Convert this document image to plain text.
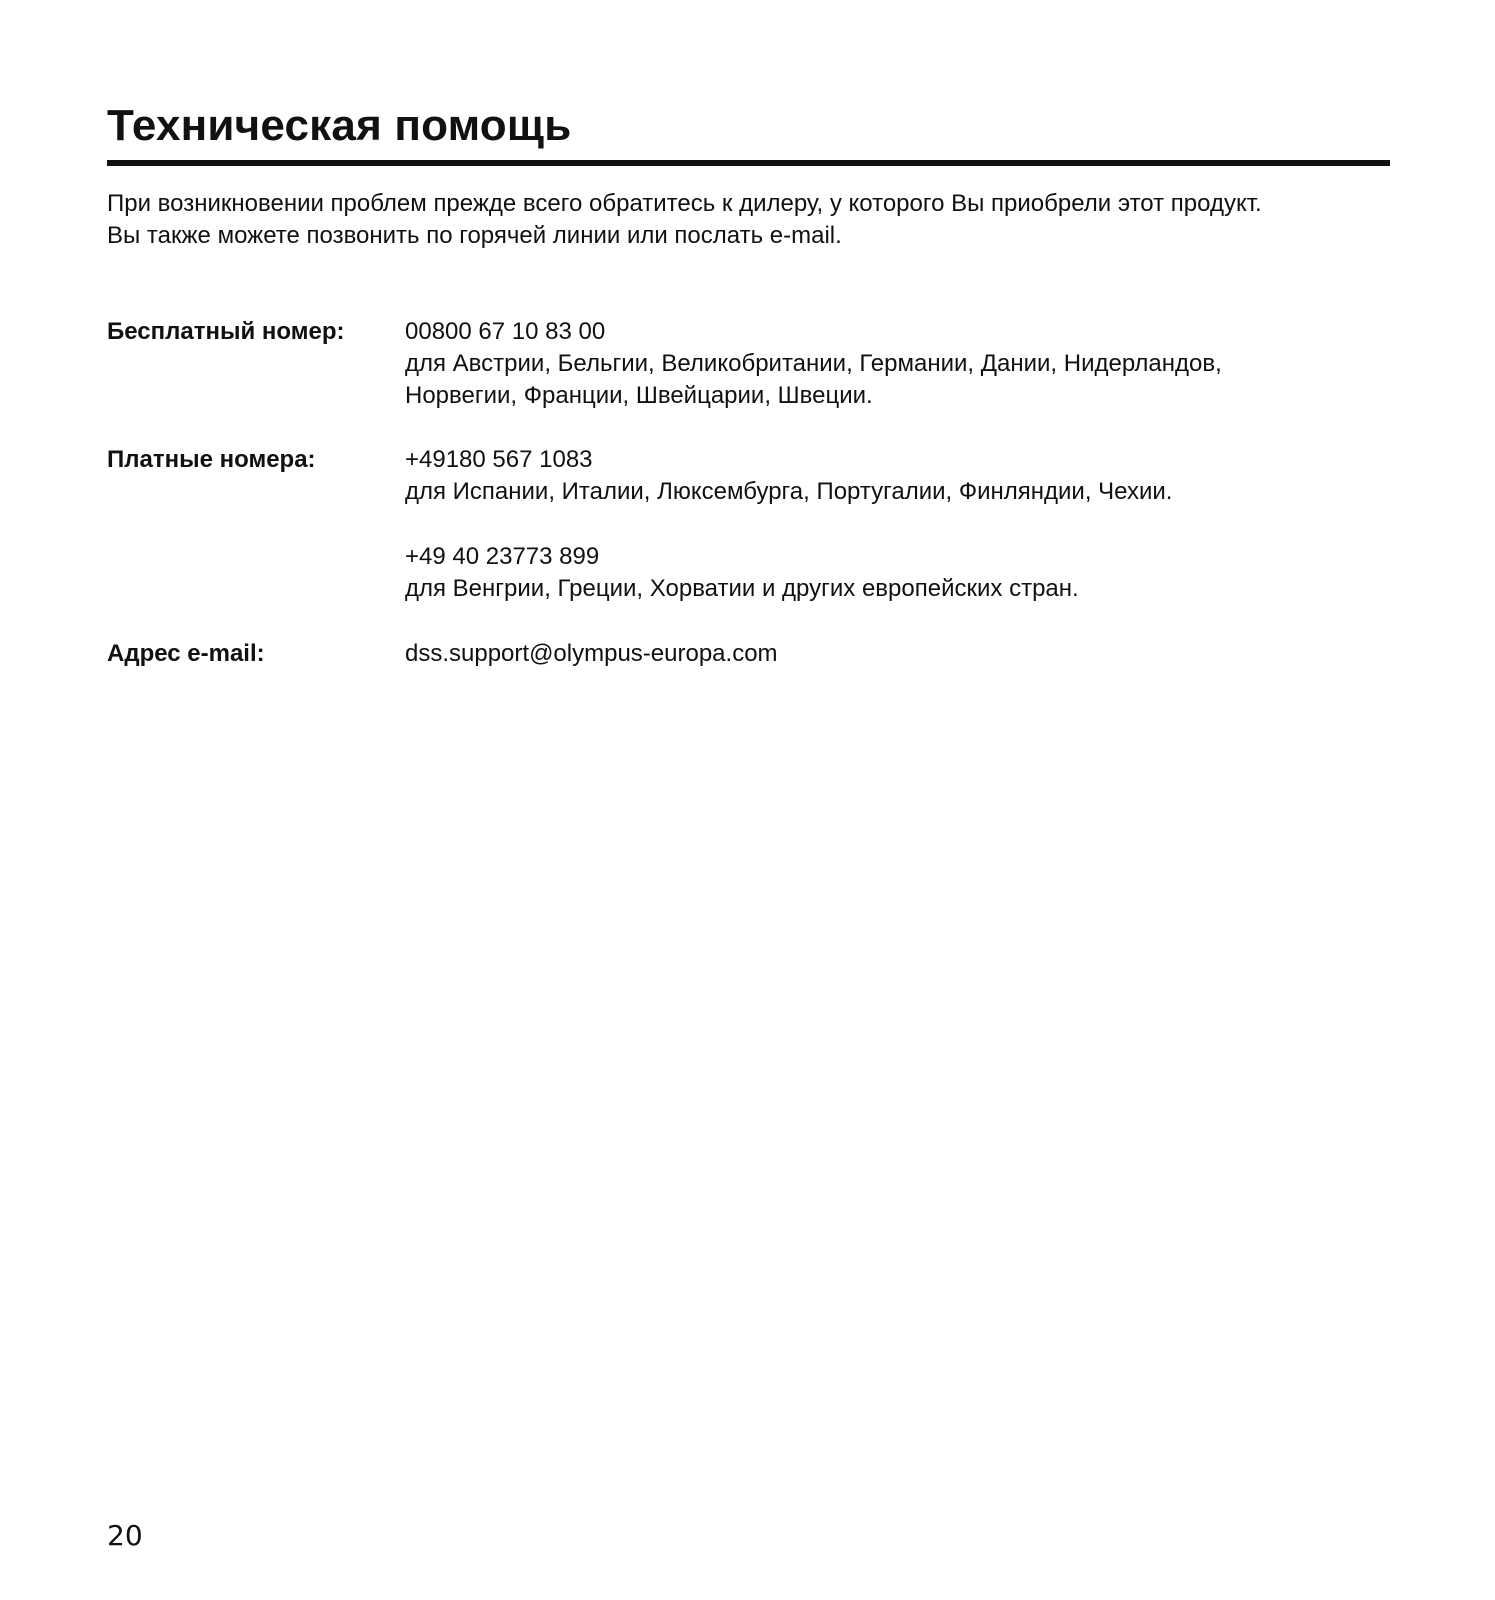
Техническая помощь

При возникновении проблем прежде всего обратитесь к дилеру, у которого Вы приобрели этот продукт.

Вы также можете позвонить по горячей линии или послать e-mail.

Бесплатный номер:	00800 67 10 83 00
для Австрии, Бельгии, Великобритании, Германии, Дании, Нидерландов,
Норвегии, Франции, Швейцарии, Швеции.
Платные номера:	+49180 567 1083
для Испании, Италии, Люксембурга, Португалии, Финляндии, Чехии.
+49 40 23773 899
для Венгрии, Греции, Хорватии и других европейских стран.
Адрес e-mail:	dss.support@olympus-europa.com
20
